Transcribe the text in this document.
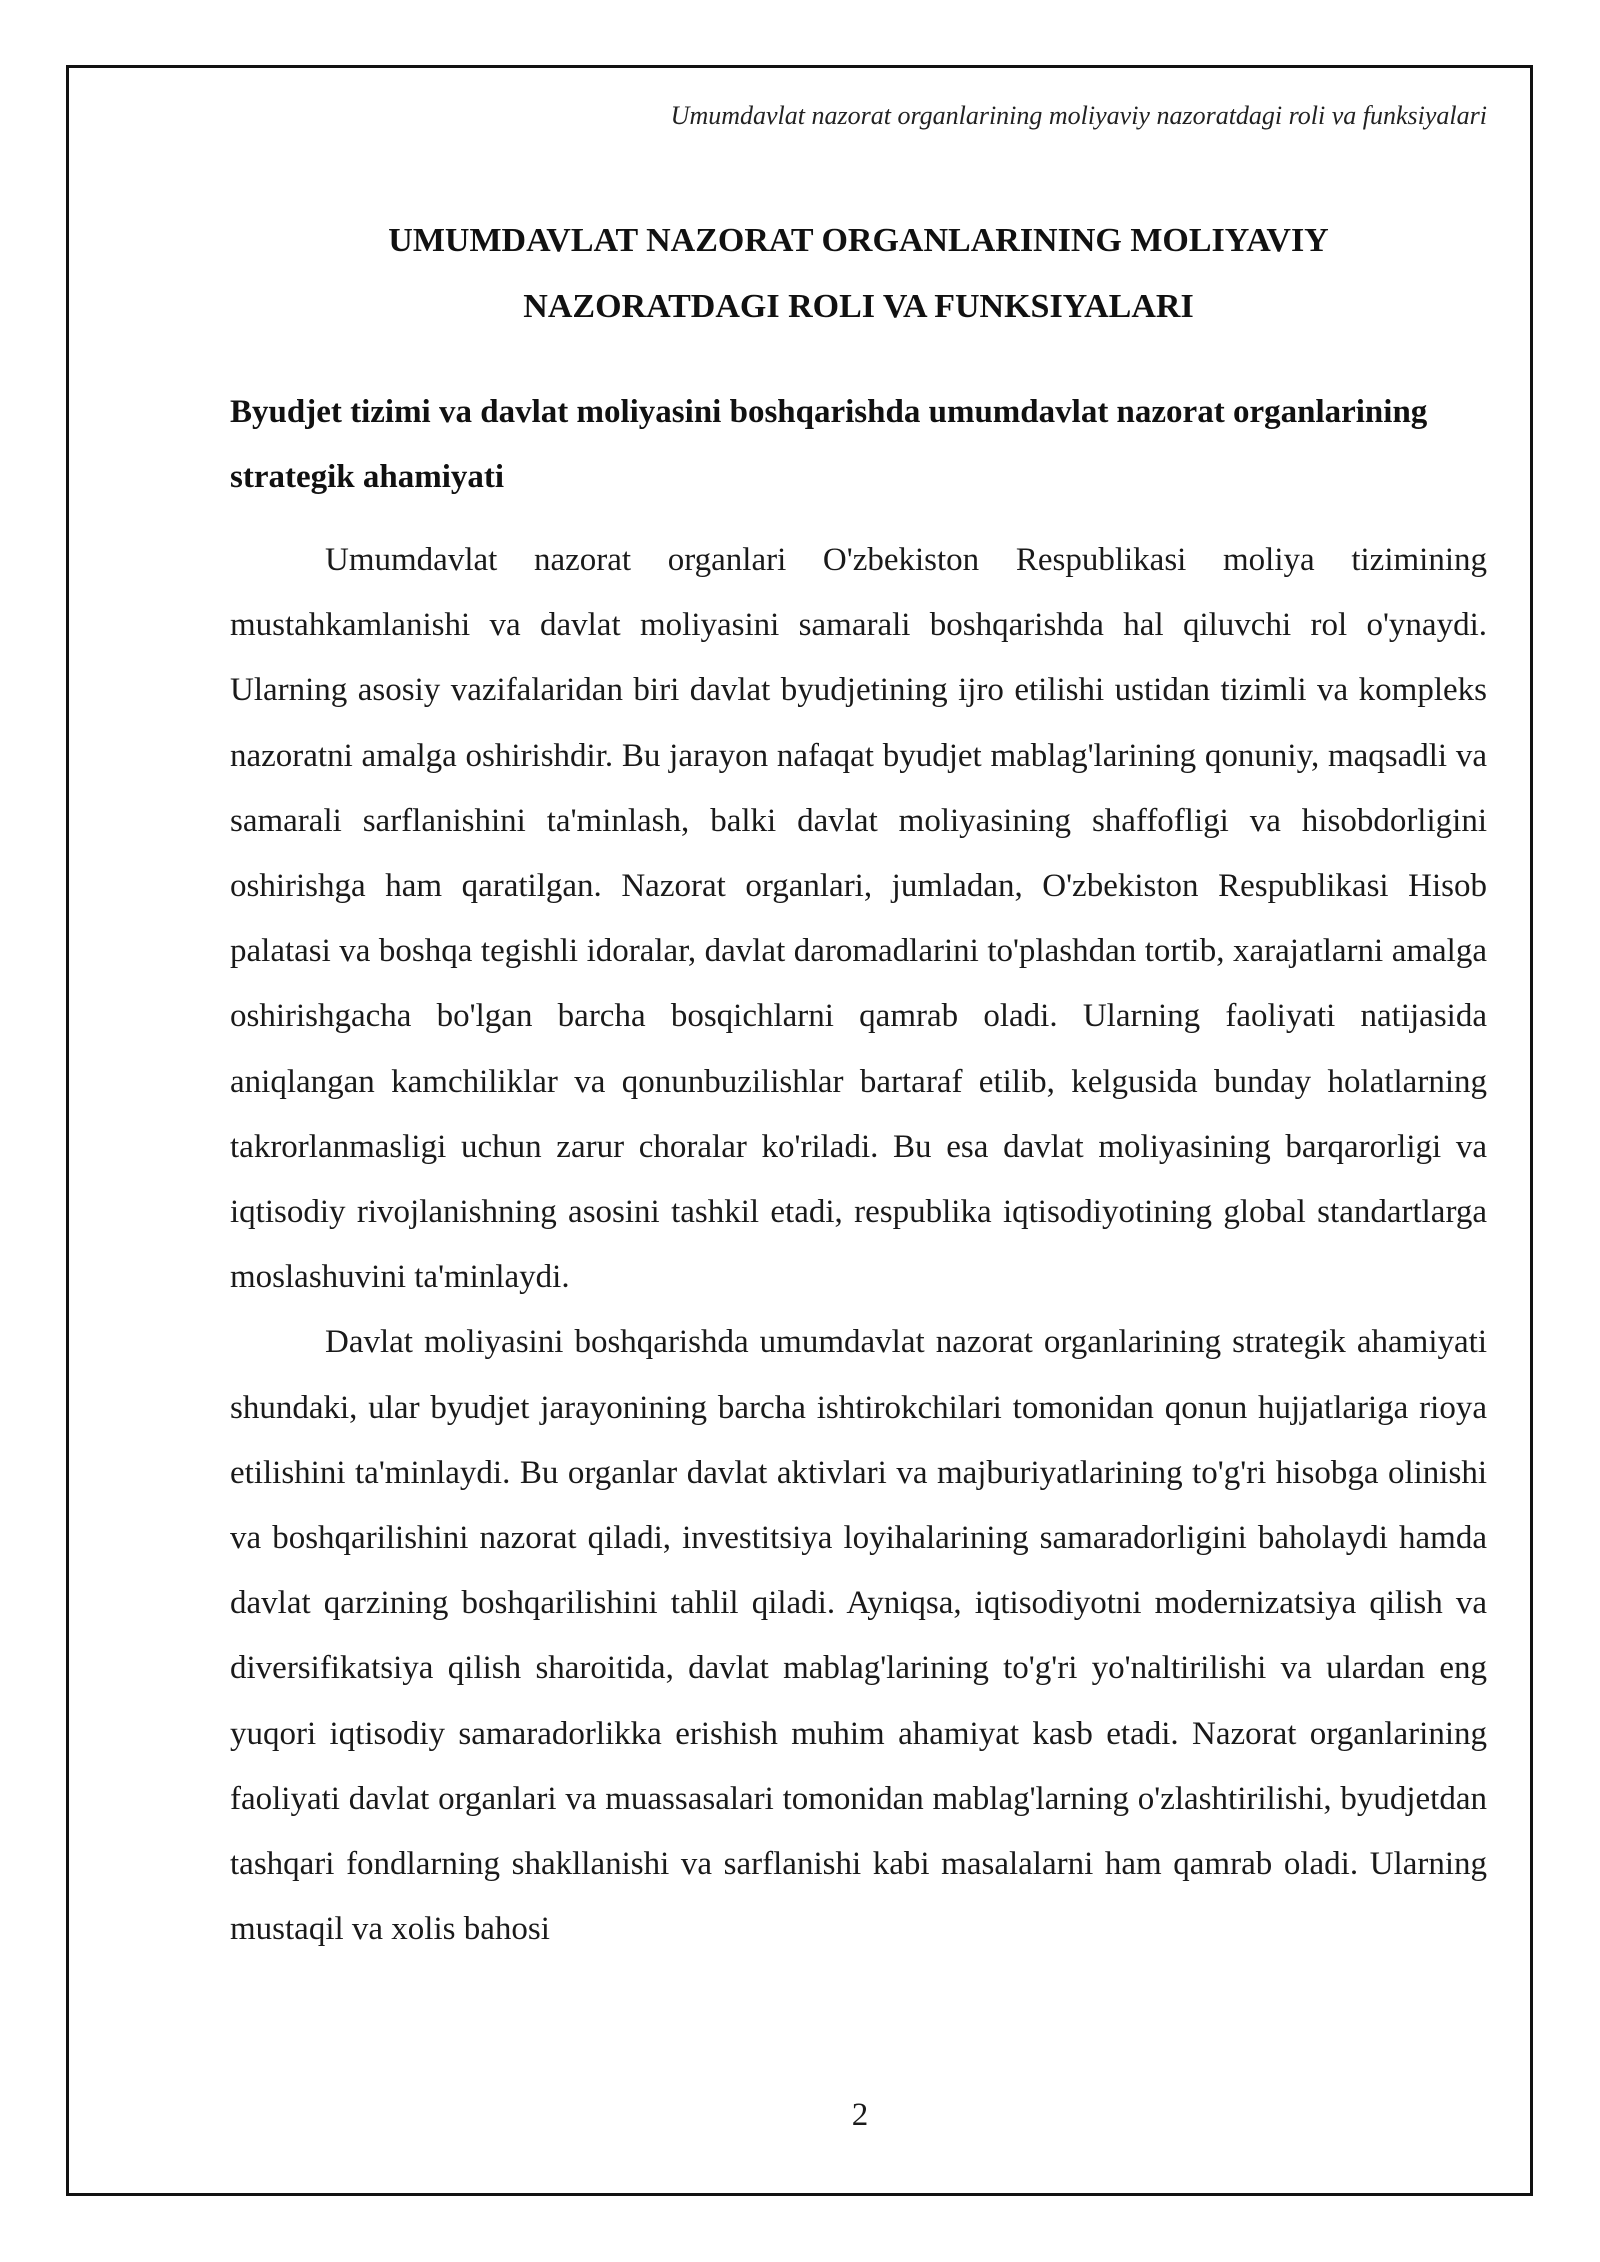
Umumdavlat nazorat organlarining moliyaviy nazoratdagi roli va funksiyalari
UMUMDAVLAT NAZORAT ORGANLARINING MOLIYAVIY
NAZORATDAGI ROLI VA FUNKSIYALARI
Byudjet tizimi va davlat moliyasini boshqarishda umumdavlat nazorat organlarining strategik ahamiyati

Umumdavlat nazorat organlari O'zbekiston Respublikasi moliya tizimining mustahkamlanishi va davlat moliyasini samarali boshqarishda hal qiluvchi rol o'ynaydi. Ularning asosiy vazifalaridan biri davlat byudjetining ijro etilishi ustidan tizimli va kompleks nazoratni amalga oshirishdir. Bu jarayon nafaqat byudjet mablag'larining qonuniy, maqsadli va samarali sarflanishini ta'minlash, balki davlat moliyasining shaffofligi va hisobdorligini oshirishga ham qaratilgan. Nazorat organlari, jumladan, O'zbekiston Respublikasi Hisob palatasi va boshqa tegishli idoralar, davlat daromadlarini to'plashdan tortib, xarajatlarni amalga oshirishgacha bo'lgan barcha bosqichlarni qamrab oladi. Ularning faoliyati natijasida aniqlangan kamchiliklar va qonunbuzilishlar bartaraf etilib, kelgusida bunday holatlarning takrorlanmasligi uchun zarur choralar ko'riladi. Bu esa davlat moliyasining barqarorligi va iqtisodiy rivojlanishning asosini tashkil etadi, respublika iqtisodiyotining global standartlarga moslashuvini ta'minlaydi.

Davlat moliyasini boshqarishda umumdavlat nazorat organlarining strategik ahamiyati shundaki, ular byudjet jarayonining barcha ishtirokchilari tomonidan qonun hujjatlariga rioya etilishini ta'minlaydi. Bu organlar davlat aktivlari va majburiyatlarining to'g'ri hisobga olinishi va boshqarilishini nazorat qiladi, investitsiya loyihalarining samaradorligini baholaydi hamda davlat qarzining boshqarilishini tahlil qiladi. Ayniqsa, iqtisodiyotni modernizatsiya qilish va diversifikatsiya qilish sharoitida, davlat mablag'larining to'g'ri yo'naltirilishi va ulardan eng yuqori iqtisodiy samaradorlikka erishish muhim ahamiyat kasb etadi. Nazorat organlarining faoliyati davlat organlari va muassasalari tomonidan mablag'larning o'zlashtirilishi, byudjetdan tashqari fondlarning shakllanishi va sarflanishi kabi masalalarni ham qamrab oladi. Ularning mustaqil va xolis bahosi

2
